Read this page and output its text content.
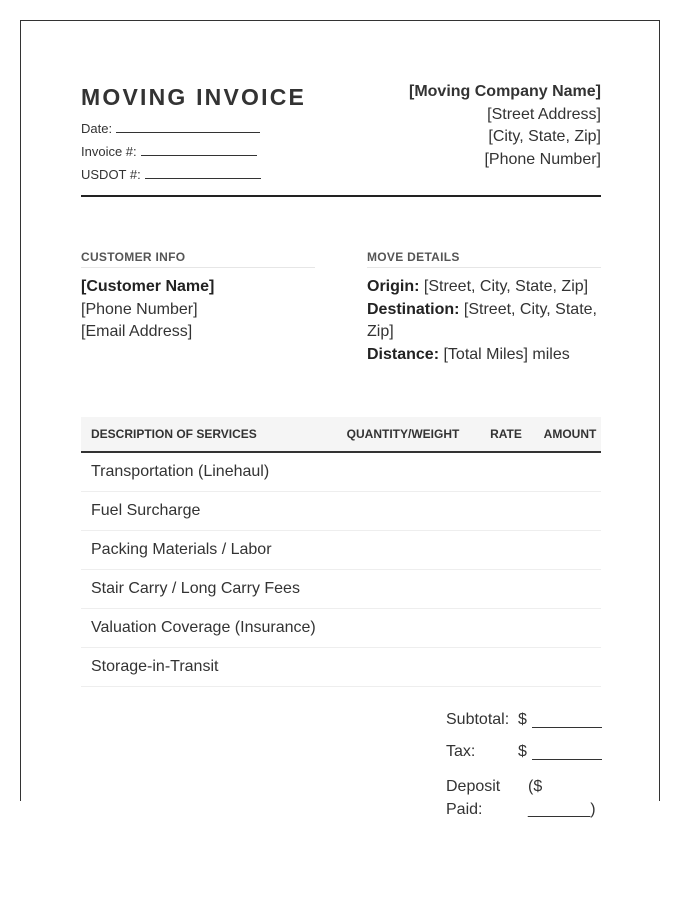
MOVING INVOICE
Date:
Invoice #:
USDOT #:
[Moving Company Name]
[Street Address]
[City, State, Zip]
[Phone Number]
CUSTOMER INFO
[Customer Name]
[Phone Number]
[Email Address]
MOVE DETAILS
Origin: [Street, City, State, Zip]
Destination: [Street, City, State, Zip]
Distance: [Total Miles] miles
DESCRIPTION OF SERVICES	QUANTITY/WEIGHT	RATE	AMOUNT
Transportation (Linehaul)			
Fuel Surcharge			
Packing Materials / Labor			
Stair Carry / Long Carry Fees			
Valuation Coverage (Insurance)			
Storage-in-Transit			
Subtotal: $
Tax:	$
Deposit
Paid:
($
_______)
